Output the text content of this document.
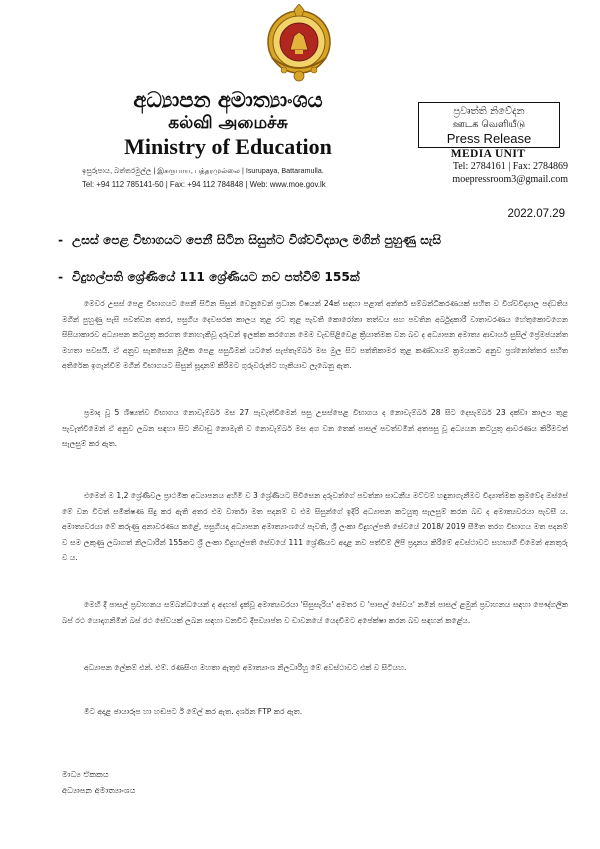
අධ්‍යාපන අමාත්‍යාංශය
கல்வி அமைச்சு
Ministry of Education
ඉසුරුපාය, බත්තරමුල්ල | இசுருபாய, பத்தரமுல்லை | Isurupaya, Battaramulla.
Tel: +94 112 785141-50 | Fax: +94 112 784848 | Web: www.moe.gov.lk
ප්‍රවෘත්ති නිවේදන
ஊடக வெளியீடு
Press Release
MEDIA UNIT
Tel: 2784161 | Fax: 2784869
moepressroom3@gmail.com
2022.07.29
- උසස් පෙළ විභාගයට පෙනී සිටින සිසුන්ට විශ්වවිද්‍යාල මගින් පුහුණු සැසි
- විදුහල්පති ශ්‍රේණියේ 111 ශ්‍රේණියට නව පත්වීම් 155ක්
මෙවර උසස් පෙළ විභාගයට පෙනී සිටින සිසුන් වෙනුවෙන් ප්‍රධාන විෂයන් 24ක් සඳහා පළාත් අන්තර් සම්බන්ධීකරණයක් සහිත ව විශ්වවිද්‍යාල පද්ධතිය මගින් පුහුණු සැසි පවත්වන අතර, පසුගිය දෙවසරක කාලය තුළ රට තුළ පැවති කොරෝනා තත්වය සහ පවතින අර්බුදකාරී වාතාවරණය හේතුකොටගෙන සිසියාකාරව අධ්‍යාපන කටයුතු කරගත නොහැකිවූ දරුවන් ඉලක්ක කරගෙන මෙම වැඩපිළිවෙළ ක්‍රියාත්මක වන බව ද අධ්‍යාපන අමාත්‍ය ආචාර්ය සුසිල් ප්‍රේමජයන්ත මහතා පවසයි. ඒ අනුව සැකසෙන මූලික පෙළ පසුබිමක් යටතේ සැප්තැම්බර් මස මුල සිට පත්තිකාමර තුළ කණ්ඩායම් ක්‍රමයකට අනුව ප්‍රශ්නෝත්තර සහිත අතිරේක ඉගැන්වීම් මගින් විභාගයට සිසුන් සූදානම් කිරීමට ගුරුවරුන්ට හැකියාව ලැබෙනු ඇත.
ප්‍රමාද වූ 5 ශිෂ්‍යත්ව විභාගය නොවැම්බර් මස 27 පැවැත්වීමෙන් පසු උසස්පෙළ විභාගය ද නොවැම්බර් 28 සිට දෙසැම්බර් 23 දක්වා කාලය තුළ පැවැත්වීමෙන් ඒ අනුව ලබන සඳහා සිට නිවාඩු නොමැති ව නොවැම්බර් මස අග වන තෙක් පාසල් පවත්වමින් අතපසු වූ අධ්‍යයන කටයුතු ආවරණය කිරීමටත් සැලසුම් කර ඇත.
එමෙන් ම 1,2 ශ්‍රේණිවල ප්‍රාථමික අධ්‍යාපනය අහිමි ව 3 ශ්‍රේණියට පිවිසෙන දරුවන්ගේ පවත්නා සාධනීය මට්ටම් හඳුනාගැනීමට විද්‍යාත්මක ක්‍රමවේද ඔස්සේ මේ වන විටත් සමීක්ෂණ සිදු කර ඇති අතර එම වාර්තා මත පදනම් ව එම සිසුන්ගේ ඉදිරි අධ්‍යාපන කටයුතු සැලසුම් කරන බව ද අමාත්‍යවරයා පැවසී ය. අමාත්‍යවරයා මේ කරුණු අනාවරණය කළේ, පසුගියදා අධ්‍යාපන අමාත්‍යාංශයේ පැවති, ශ්‍රී ලංකා විදුහල්පති සේවයේ 2018/ 2019 සීමිත තරග විභාගය මත පදනම් ව සම ලකුණු ලබාගත් නිලධාරීන් 155කට ශ්‍රී ලංකා විදුහල්පති සේවයේ 111 ශ්‍රේණියට අදාළ නව පත්වීම් ලිපි ප්‍රදානය කිරීමේ අවස්ථාවට සහභාගී වීමෙන් අනතුරු ව ය.
මෙහි දී පාසල් ප්‍රවාහනය සම්බන්ධයෙන් ද අදහස් දැක්වූ අමාත්‍යවරයා 'සිසුසැරිය' අමතර ව 'පාසල් සේවය' නමින් පාසල් ළමුන් ප්‍රවාහනය සඳහා පෞද්ගලික බස් රථ යොදාගනිමින් බස් රථ සේවයක් ලබන සඳහා වනවිට දීපව්‍යාප්ත ව ඩාවනයේ යෙදවීමට අපේක්ෂා කරන බව සඳහන් කළේය.
අධ්‍යාපන ලේකම් එන්. එම්. රණසිංහ මහතා ඇතුළු අමාත්‍යාංශ නිලධාරීහු මේ අවස්ථාවට එක් ව සිටියහ.
මීට අදාළ ඡායාරූප හා හඬපට ඊ මේල් කර ඇත. දර්ශන FTP කර ඇත.
මාධ්‍ය ඒකකය
අධ්‍යාපන අමාත්‍යාංශය
